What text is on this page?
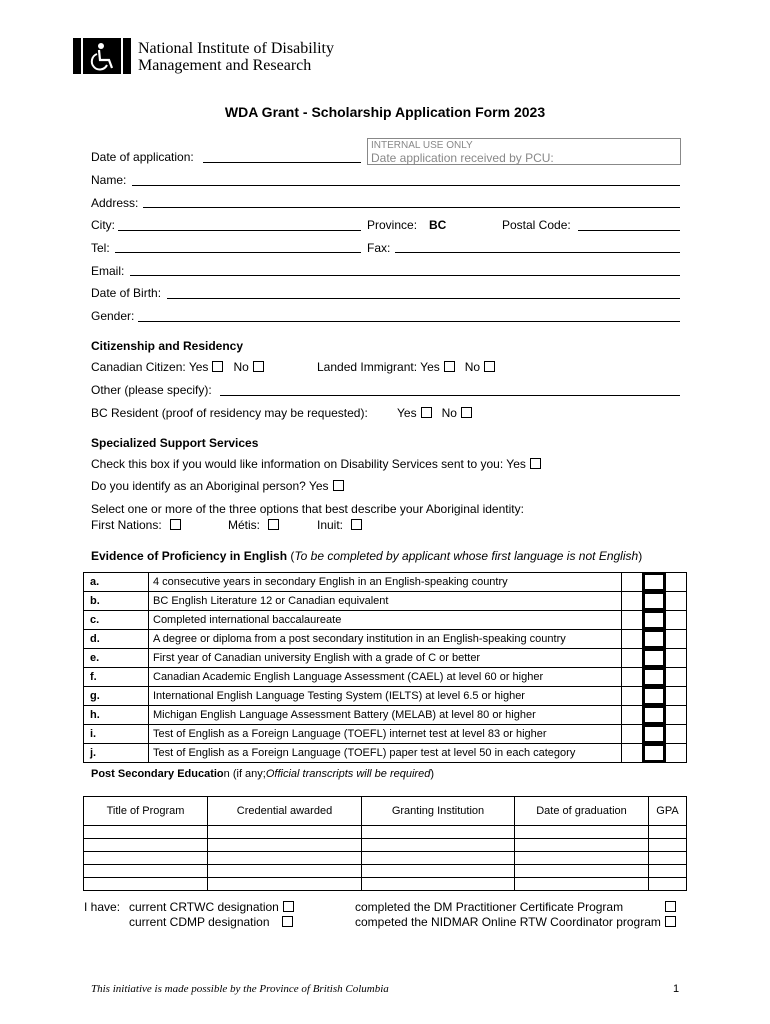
National Institute of Disability
Management and Research
WDA Grant - Scholarship Application Form 2023
INTERNAL USE ONLY
Date application received by PCU:
Date of application:
Name:
Address:
City:	Province: BC	Postal Code:
Tel:	Fax:
Email:
Date of Birth:
Gender:
Citizenship and Residency
Canadian Citizen: Yes No	Landed Immigrant: Yes No
Other (please specify):
BC Resident (proof of residency may be requested): Yes No
Specialized Support Services
Check this box if you would like information on Disability Services sent to you: Yes
Do you identify as an Aboriginal person? Yes
Select one or more of the three options that best describe your Aboriginal identity:
First Nations:	Métis:	Inuit:
Evidence of Proficiency in English (To be completed by applicant whose first language is not English)
a.	4 consecutive years in secondary English in an English-speaking country		

b.	BC English Literature 12 or Canadian equivalent		

c.	Completed international baccalaureate		

d.	A degree or diploma from a post secondary institution in an English-speaking country		

e.	First year of Canadian university English with a grade of C or better		

f.	Canadian Academic English Language Assessment (CAEL) at level 60 or higher		

g.	International English Language Testing System (IELTS) at level 6.5 or higher		

h.	Michigan English Language Assessment Battery (MELAB) at level 80 or higher		

i.	Test of English as a Foreign Language (TOEFL) internet test at level 83 or higher		

j.	Test of English as a Foreign Language (TOEFL) paper test at level 50 in each category		

Post Secondary Education (if any;Official transcripts will be required)
Title of Program	Credential awarded	Granting Institution	Date of graduation	GPA

I have: current CRTWC designation
current CDMP designation
completed the DM Practitioner Certificate Program
competed the NIDMAR Online RTW Coordinator program
This initiative is made possible by the Province of British Columbia	1
